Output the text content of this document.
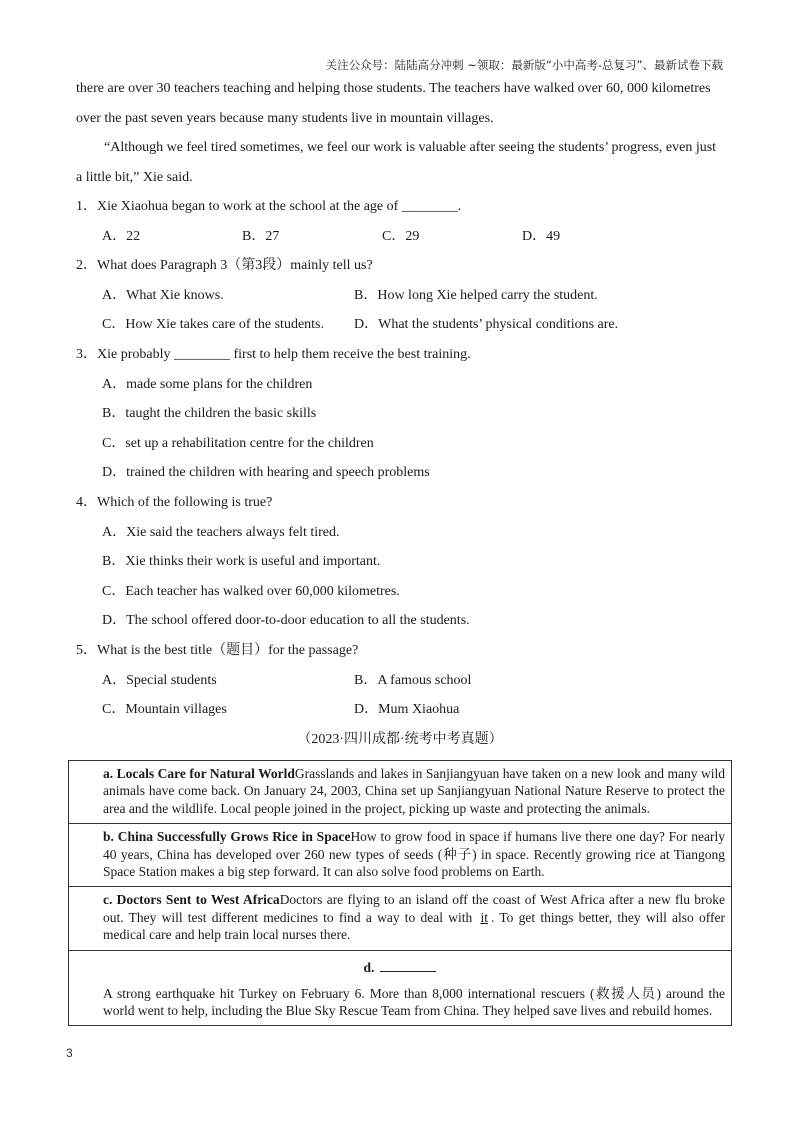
关注公众号：陆陆高分冲刺 ~领取：最新版“小中高考-总复习”、最新试卷下载

there are over 30 teachers teaching and helping those students. The teachers have walked over 60, 000 kilometres

over the past seven years because many students live in mountain villages.

“Although we feel tired sometimes, we feel our work is valuable after seeing the students’ progress, even just

a little bit,” Xie said.

1．Xie Xiaohua began to work at the school at the age of ________.

A．22	B．27	C．29	D．49

2．What does Paragraph 3（第3段）mainly tell us?

A．What Xie knows.	B．How long Xie helped carry the student.
C．How Xie takes care of the students.	D．What the students’ physical conditions are.

3．Xie probably ________ first to help them receive the best training.

A．made some plans for the children
B．taught the children the basic skills
C．set up a rehabilitation centre for the children
D．trained the children with hearing and speech problems

4．Which of the following is true?

A．Xie said the teachers always felt tired.
B．Xie thinks their work is useful and important.
C．Each teacher has walked over 60,000 kilometres.
D．The school offered door-to-door education to all the students.

5．What is the best title（题目）for the passage?

A．Special students	B．A famous school
C．Mountain villages	D．Mum Xiaohua
（2023·四川成都·统考中考真题）
a. Locals Care for Natural WorldGrasslands and lakes in Sanjiangyuan have taken on a new look and many wild animals have come back. On January 24, 2003, China set up Sanjiangyuan National Nature Reserve to protect the area and the wildlife. Local people joined in the project, picking up waste and protecting the animals.
b. China Successfully Grows Rice in SpaceHow to grow food in space if humans live there one day? For nearly 40 years, China has developed over 260 new types of seeds (种子) in space. Recently growing rice at Tiangong Space Station makes a big step forward. It can also solve food problems on Earth.
c. Doctors Sent to West AfricaDoctors are flying to an island off the coast of West Africa after a new flu broke out. They will test different medicines to find a way to deal with it . To get things better, they will also offer medical care and help train local nurses there.
d.
A strong earthquake hit Turkey on February 6. More than 8,000 international rescuers (救援人员) around the world went to help, including the Blue Sky Rescue Team from China. They helped save lives and rebuild homes.
3
